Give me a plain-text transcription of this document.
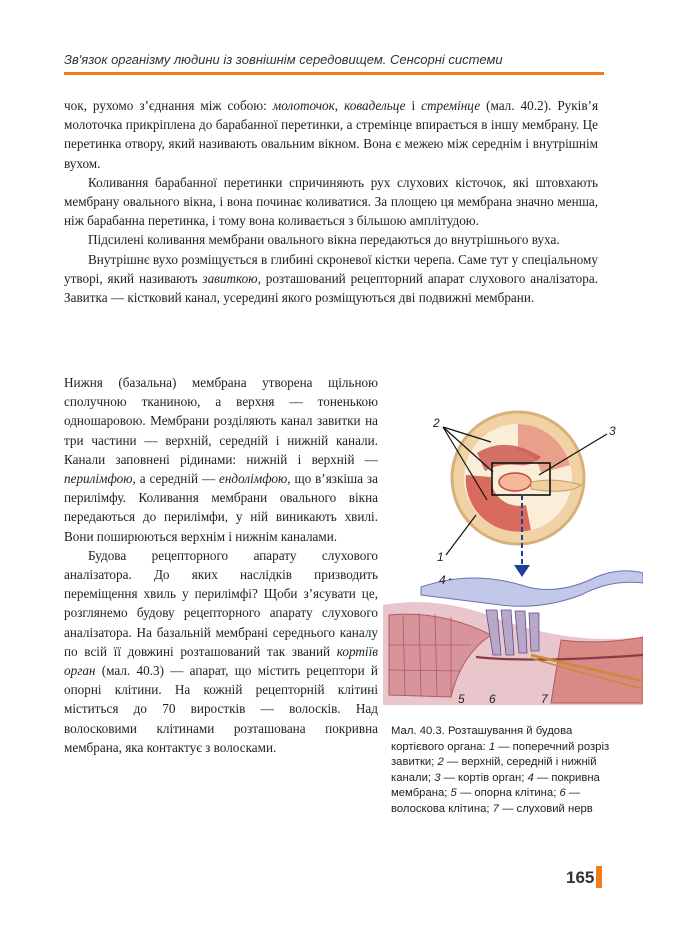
Зв'язок організму людини із зовнішнім середовищем. Сенсорні системи

чок, рухомо з’єднання між собою: молоточок, ковадельце і стремінце (мал. 40.2). Руків’я молоточка прикріплена до барабанної перетинки, а стремінце впирається в іншу мембрану. Це перетинка отвору, який називають овальним вікном. Вона є межею між середнім і внутрішнім вухом.

Коливання барабанної перетинки спричиняють рух слухових кісточок, які штовхають мембрану овального вікна, і вона починає коливатися. За площею ця мембрана значно менша, ніж барабанна перетинка, і тому вона коливається з більшою амплітудою.

Підсилені коливання мембрани овального вікна передаються до внутрішнього вуха.

Внутрішнє вухо розміщується в глибині скроневої кістки черепа. Саме тут у спеціальному утворі, який називають завиткою, розташований рецепторний апарат слухового аналізатора. Завитка — кістковий канал, усередині якого розміщуються дві подвижні мембрани.

Нижня (базальна) мембрана утворена щільною сполучною тканиною, а верхня — тоненькою одношаровою. Мембрани розділяють канал завитки на три частини — верхній, середній і нижній канали. Канали заповнені рідинами: нижній і верхній — перилімфою, а середній — ендолімфою, що в’язкіша за перилімфу. Коливання мембрани овального вікна передаються до перилімфи, у ній виникають хвилі. Вони поширюються верхнім і нижнім каналами.

Будова рецепторного апарату слухового аналізатора. До яких наслідків призводить переміщення хвиль у перилімфі? Щоби з’ясувати це, розглянемо будову рецепторного апарату слухового аналізатора. На базальній мембрані середнього каналу по всій її довжині розташований так званий кортіїв орган (мал. 40.3) — апарат, що містить рецептори й опорні клітини. На кожній рецепторній клітині міститься до 70 виростків — волосків. Над волосковими клітинами розташована покривна мембрана, яка контактує з волосками.

2
3
1
4
5 6	7
Мал. 40.3. Розташування й будова кортієвого органа: 1 — поперечний розріз завитки; 2 — верхній, середній і нижній канали; 3 — кортів орган; 4 — покривна мембрана; 5 — опорна клітина; 6 — волоскова клітина; 7 — слуховий нерв
165
